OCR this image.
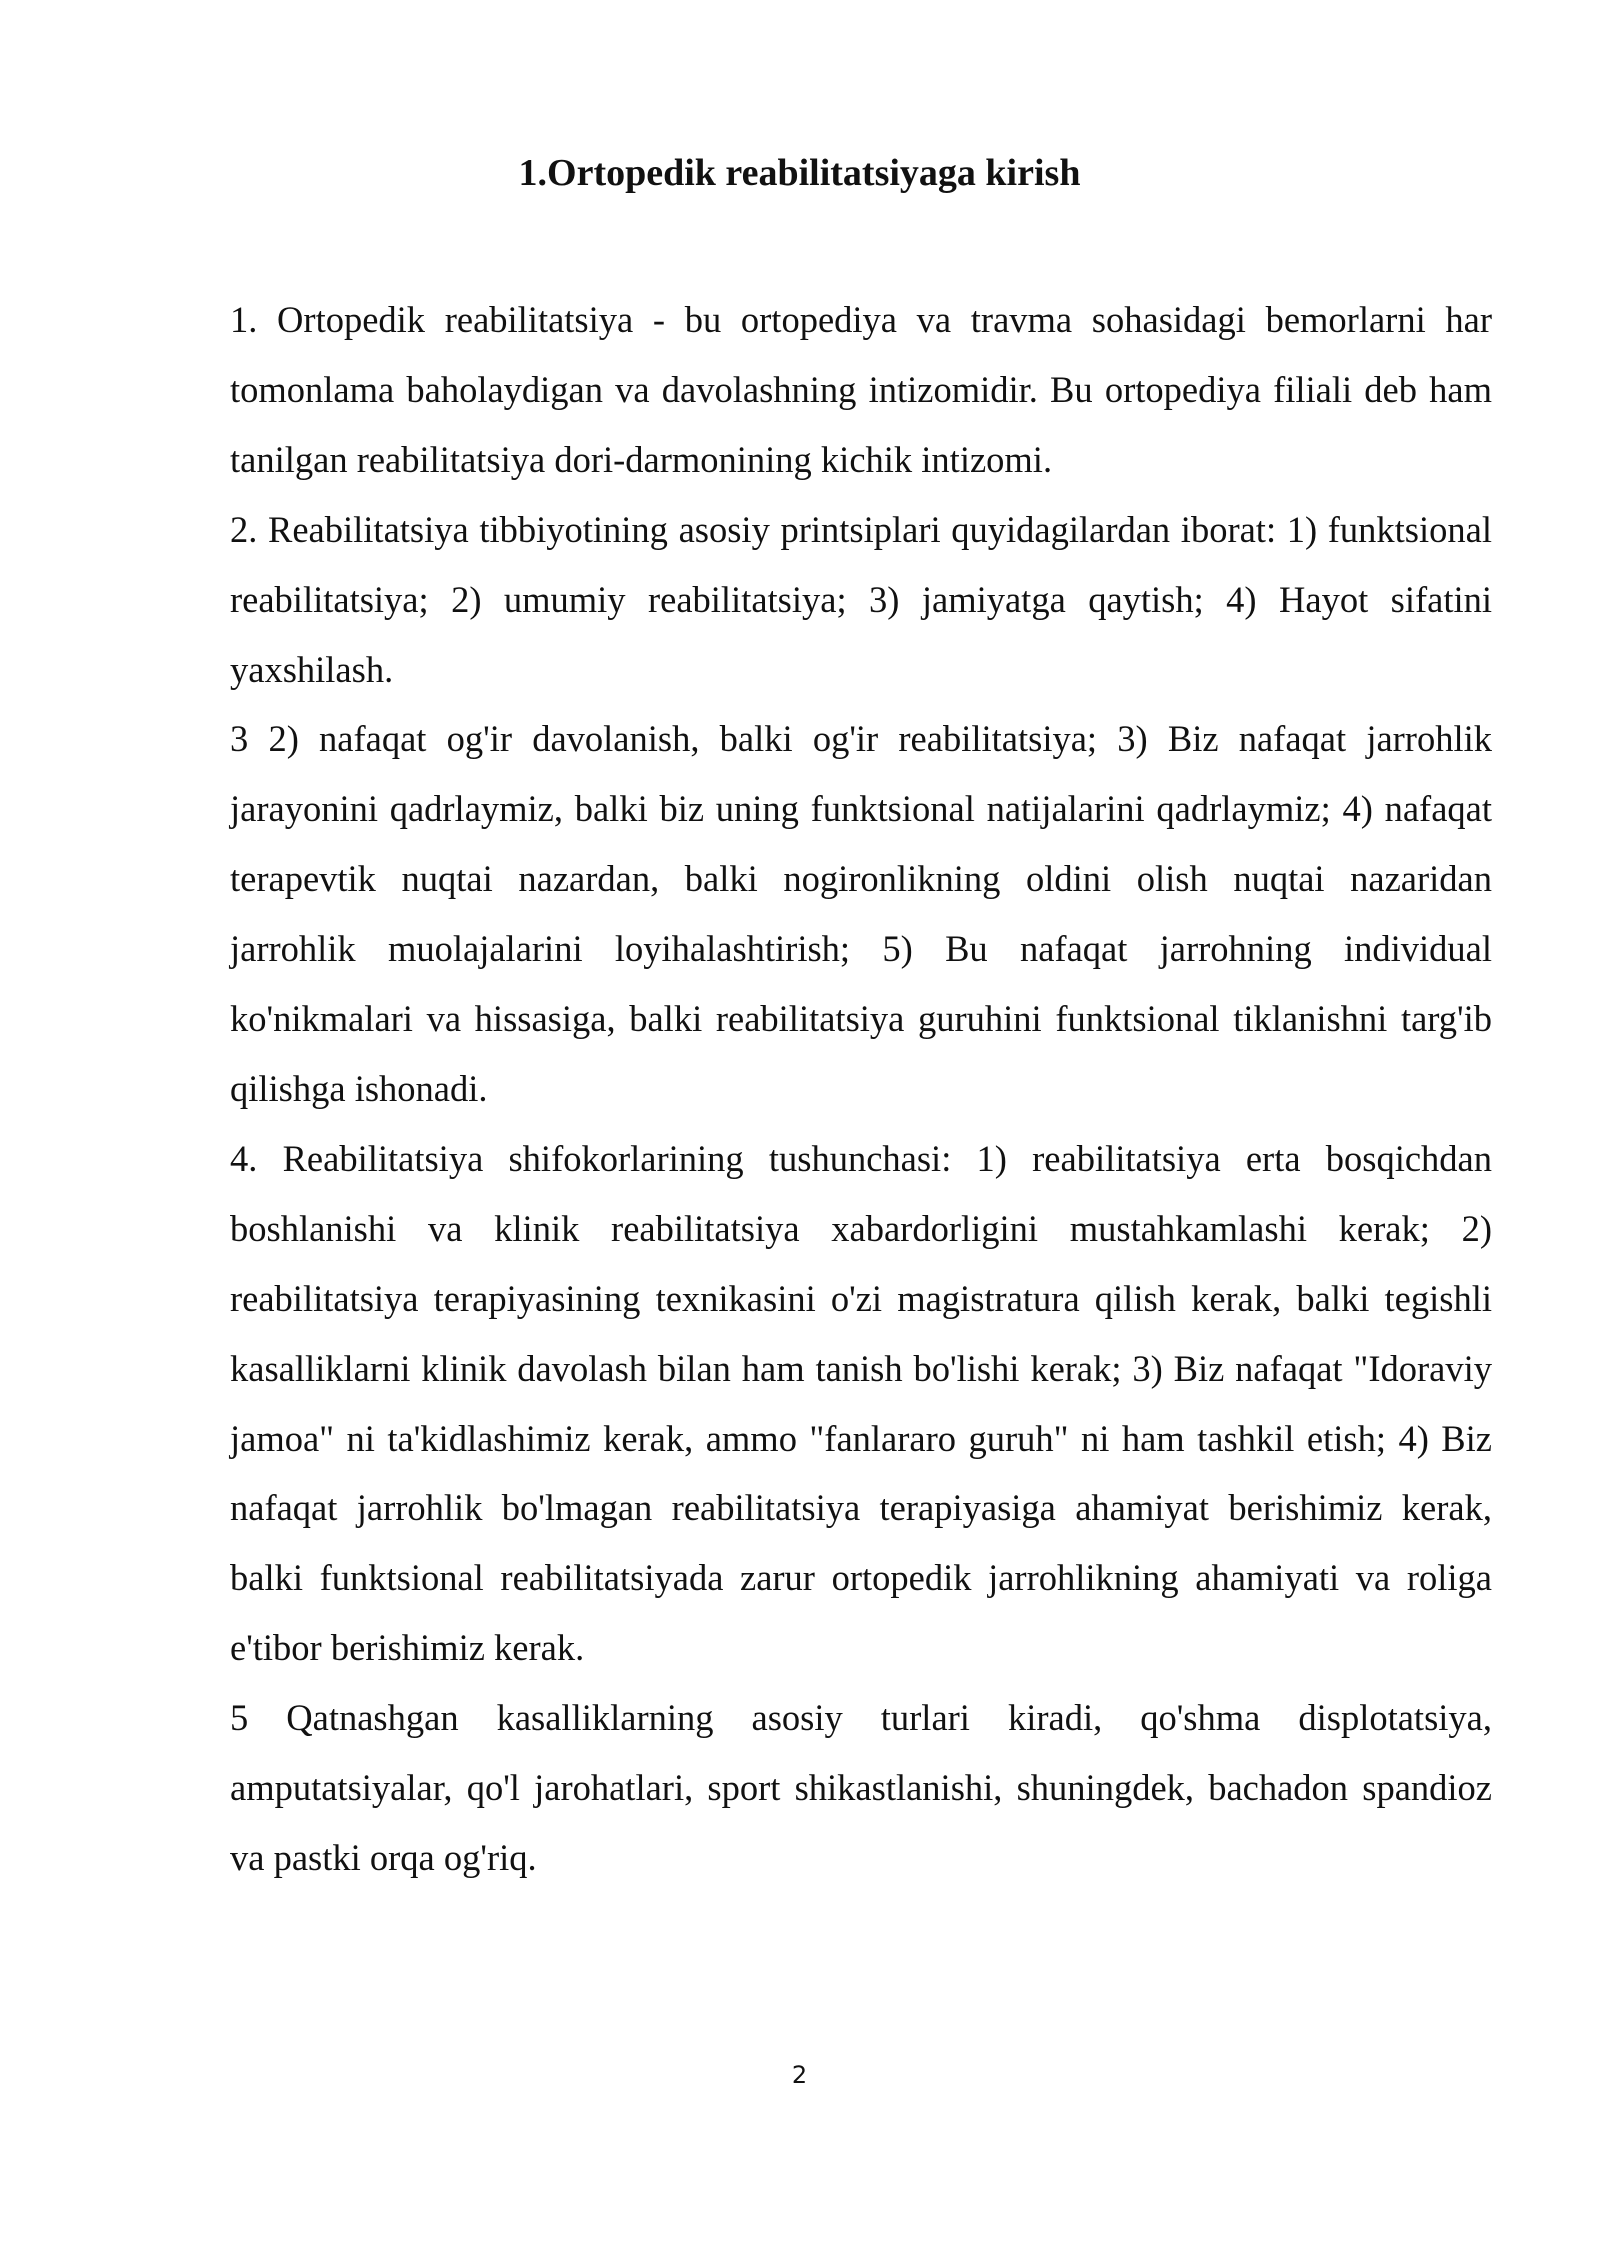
1.Ortopedik reabilitatsiyaga kirish

1. Ortopedik reabilitatsiya - bu ortopediya va travma sohasidagi bemorlarni har tomonlama baholaydigan va davolashning intizomidir. Bu ortopediya filiali deb ham tanilgan reabilitatsiya dori-darmonining kichik intizomi.

2. Reabilitatsiya tibbiyotining asosiy printsiplari quyidagilardan iborat: 1) funktsional reabilitatsiya; 2) umumiy reabilitatsiya; 3) jamiyatga qaytish; 4) Hayot sifatini yaxshilash.

3 2) nafaqat og'ir davolanish, balki og'ir reabilitatsiya; 3) Biz nafaqat jarrohlik jarayonini qadrlaymiz, balki biz uning funktsional natijalarini qadrlaymiz; 4) nafaqat terapevtik nuqtai nazardan, balki nogironlikning oldini olish nuqtai nazaridan jarrohlik muolajalarini loyihalashtirish; 5) Bu nafaqat jarrohning individual ko'nikmalari va hissasiga, balki reabilitatsiya guruhini funktsional tiklanishni targ'ib qilishga ishonadi.

4. Reabilitatsiya shifokorlarining tushunchasi: 1) reabilitatsiya erta bosqichdan boshlanishi va klinik reabilitatsiya xabardorligini mustahkamlashi kerak; 2) reabilitatsiya terapiyasining texnikasini o'zi magistratura qilish kerak, balki tegishli kasalliklarni klinik davolash bilan ham tanish bo'lishi kerak; 3) Biz nafaqat "Idoraviy jamoa" ni ta'kidlashimiz kerak, ammo "fanlararo guruh" ni ham tashkil etish; 4) Biz nafaqat jarrohlik bo'lmagan reabilitatsiya terapiyasiga ahamiyat berishimiz kerak, balki funktsional reabilitatsiyada zarur ortopedik jarrohlikning ahamiyati va roliga e'tibor berishimiz kerak.

5 Qatnashgan kasalliklarning asosiy turlari kiradi, qo'shma displotatsiya, amputatsiyalar, qo'l jarohatlari, sport shikastlanishi, shuningdek, bachadon spandioz va pastki orqa og'riq.

2
